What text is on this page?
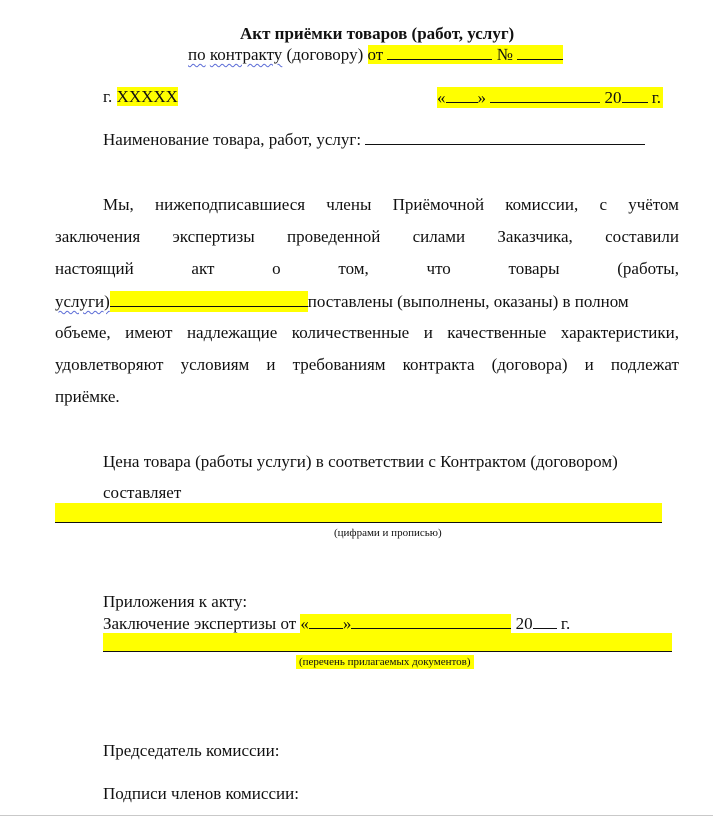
Акт приёмки товаров (работ, услуг)
по контракту (договору) от	№
г. ХХХХХ	« »	20 г.
Наименование товара, работ, услуг:
Мы, нижеподписавшиеся члены Приёмочной комиссии, с учётом
заключения экспертизы проведенной силами Заказчика, составили
настоящий	акт	о	том,	что	товары	(работы,
услуги)	поставлены (выполнены, оказаны) в полном
объеме, имеют надлежащие количественные и качественные характеристики,
удовлетворяют условиям и требованиям контракта (договора) и подлежат
приёмке.
Цена товара (работы услуги) в соответствии с Контрактом (договором)
составляет
(цифрами и прописью)
Приложения к акту:
Заключение экспертизы от « »	20 г.
(перечень прилагаемых документов)
Председатель комиссии:
Подписи членов комиссии:
